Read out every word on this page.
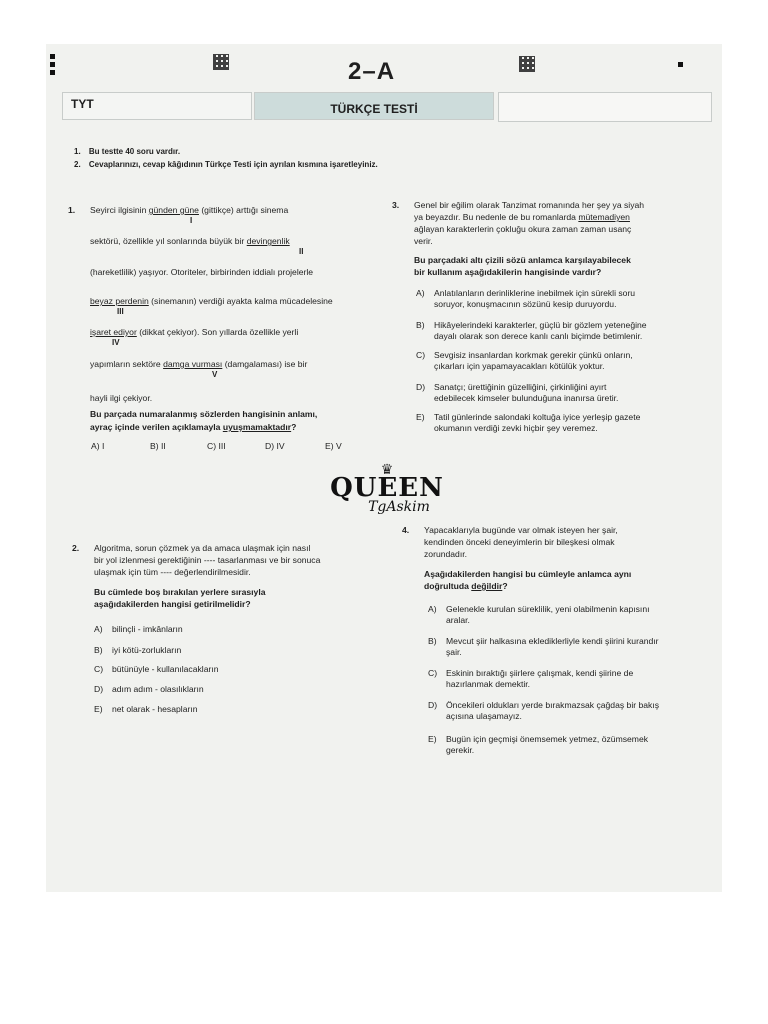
2–A
TYT	TÜRKÇE TESTİ
1. Bu testte 40 soru vardır.
2. Cevaplarınızı, cevap kâğıdının Türkçe Testi için ayrılan kısmına işaretleyiniz.
1. Seyirci ilgisinin günden güne (gittikçe) arttığı sinema
I
sektörü, özellikle yıl sonlarında büyük bir devingenlik
II
(hareketlilik) yaşıyor. Otoriteler, birbirinden iddialı projelerle
beyaz perdenin (sinemanın) verdiği ayakta kalma mücadelesine
III
işaret ediyor (dikkat çekiyor). Son yıllarda özellikle yerli
IV
yapımların sektöre damga vurması (damgalaması) ise bir
V
hayli ilgi çekiyor.
Bu parçada numaralanmış sözlerden hangisinin anlamı,
ayraç içinde verilen açıklamayla uyuşmamaktadır?
A) I	B) II	C) III	D) IV	E) V
♛
QUEEN
TgAskim
2. Algoritma, sorun çözmek ya da amaca ulaşmak için nasıl
bir yol izlenmesi gerektiğinin ---- tasarlanması ve bir sonuca
ulaşmak için tüm ---- değerlendirilmesidir.
Bu cümlede boş bırakılan yerlere sırasıyla
aşağıdakilerden hangisi getirilmelidir?
A) bilinçli - imkânların
B) iyi kötü-zorlukların
C) bütünüyle - kullanılacakların
D) adım adım - olasılıkların
E) net olarak - hesapların
3. Genel bir eğilim olarak Tanzimat romanında her şey ya siyah
ya beyazdır. Bu nedenle de bu romanlarda mütemadiyen
ağlayan karakterlerin çokluğu okura zaman zaman usanç
verir.
Bu parçadaki altı çizili sözü anlamca karşılayabilecek
bir kullanım aşağıdakilerin hangisinde vardır?
A) Anlatılanların derinliklerine inebilmek için sürekli soru
soruyor, konuşmacının sözünü kesip duruyordu.
B) Hikâyelerindeki karakterler, güçlü bir gözlem yeteneğine
dayalı olarak son derece kanlı canlı biçimde betimlenir.
C) Sevgisiz insanlardan korkmak gerekir çünkü onların,
çıkarları için yapamayacakları kötülük yoktur.
D) Sanatçı; ürettiğinin güzelliğini, çirkinliğini ayırt
edebilecek kimseler bulunduğuna inanırsa üretir.
E) Tatil günlerinde salondaki koltuğa iyice yerleşip gazete
okumanın verdiği zevki hiçbir şey veremez.
4. Yapacaklarıyla bugünde var olmak isteyen her şair,
kendinden önceki deneyimlerin bir bileşkesi olmak
zorundadır.
Aşağıdakilerden hangisi bu cümleyle anlamca aynı
doğrultuda değildir?
A) Gelenekle kurulan süreklilik, yeni olabilmenin kapısını
aralar.
B) Mevcut şiir halkasına eklediklerliyle kendi şiirini kurandır
şair.
C) Eskinin bıraktığı şiirlere çalışmak, kendi şiirine de
hazırlanmak demektir.
D) Öncekileri oldukları yerde bırakmazsak çağdaş bir bakış
açısına ulaşamayız.
E) Bugün için geçmişi önemsemek yetmez, özümsemek
gerekir.
